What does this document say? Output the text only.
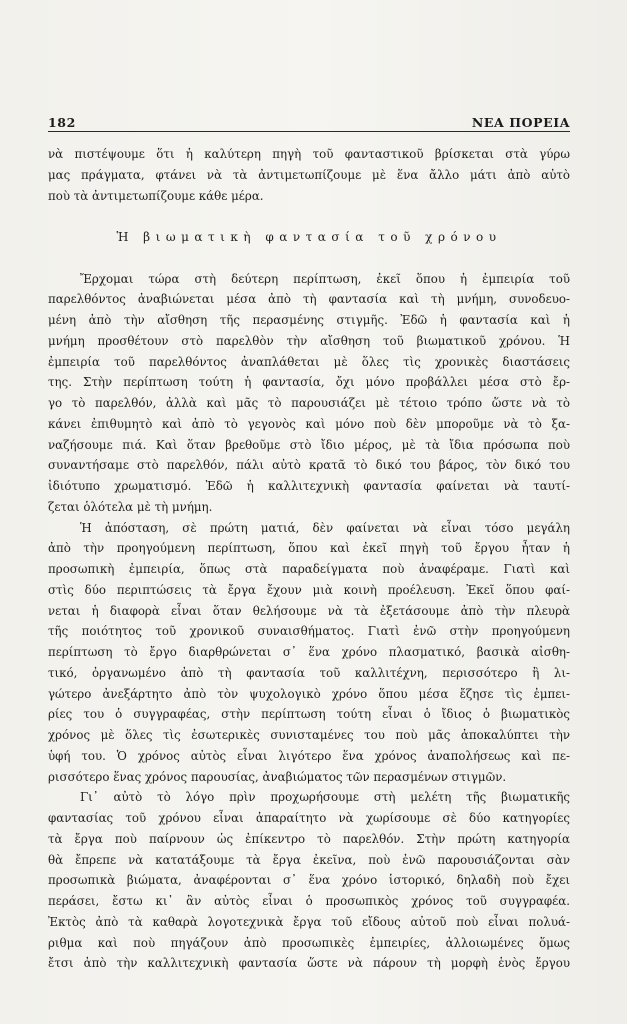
182	ΝΕΑ ΠΟΡΕΙΑ
νὰ πιστέψουμε ὅτι ἡ καλύτερη πηγὴ τοῦ φανταστικοῦ βρίσκεται στὰ γύρω
μας πράγματα, φτάνει νὰ τὰ ἀντιμετωπίζουμε μὲ ἕνα ἄλλο μάτι ἀπὸ αὐτὸ
ποὺ τὰ ἀντιμετωπίζουμε κάθε μέρα.
Ἡ βιωματικὴ φαντασία τοῦ χρόνου
Ἔρχομαι τώρα στὴ δεύτερη περίπτωση, ἐκεῖ ὅπου ἡ ἐμπειρία τοῦ
παρελθόντος ἀναβιώνεται μέσα ἀπὸ τὴ φαντασία καὶ τὴ μνήμη, συνοδευο-
μένη ἀπὸ τὴν αἴσθηση τῆς περασμένης στιγμῆς. Ἐδῶ ἡ φαντασία καὶ ἡ
μνήμη προσθέτουν στὸ παρελθὸν τὴν αἴσθηση τοῦ βιωματικοῦ χρόνου. Ἡ
ἐμπειρία τοῦ παρελθόντος ἀναπλάθεται μὲ ὅλες τὶς χρονικὲς διαστάσεις
της. Στὴν περίπτωση τούτη ἡ φαντασία, ὄχι μόνο προβάλλει μέσα στὸ ἔρ-
γο τὸ παρελθόν, ἀλλὰ καὶ μᾶς τὸ παρουσιάζει μὲ τέτοιο τρόπο ὥστε νὰ τὸ
κάνει ἐπιθυμητὸ καὶ ἀπὸ τὸ γεγονὸς καὶ μόνο ποὺ δὲν μποροῦμε νὰ τὸ ξα-
ναζήσουμε πιά. Καὶ ὅταν βρεθοῦμε στὸ ἴδιο μέρος, μὲ τὰ ἴδια πρόσωπα ποὺ
συναντήσαμε στὸ παρελθόν, πάλι αὐτὸ κρατᾶ τὸ δικό του βάρος, τὸν δικό του
ἰδιότυπο χρωματισμό. Ἐδῶ ἡ καλλιτεχνικὴ φαντασία φαίνεται νὰ ταυτί-
ζεται ὁλότελα μὲ τὴ μνήμη.
Ἡ ἀπόσταση, σὲ πρώτη ματιά, δὲν φαίνεται νὰ εἶναι τόσο μεγάλη
ἀπὸ τὴν προηγούμενη περίπτωση, ὅπου καὶ ἐκεῖ πηγὴ τοῦ ἔργου ἦταν ἡ
προσωπικὴ ἐμπειρία, ὅπως στὰ παραδείγματα ποὺ ἀναφέραμε. Γιατὶ καὶ
στὶς δύο περιπτώσεις τὰ ἔργα ἔχουν μιὰ κοινὴ προέλευση. Ἐκεῖ ὅπου φαί-
νεται ἡ διαφορὰ εἶναι ὅταν θελήσουμε νὰ τὰ ἐξετάσουμε ἀπὸ τὴν πλευρὰ
τῆς ποιότητος τοῦ χρονικοῦ συναισθήματος. Γιατὶ ἐνῶ στὴν προηγούμενη
περίπτωση τὸ ἔργο διαρθρώνεται σ᾽ ἕνα χρόνο πλασματικό, βασικὰ αἰσθη-
τικό, ὀργανωμένο ἀπὸ τὴ φαντασία τοῦ καλλιτέχνη, περισσότερο ἢ λι-
γώτερο ἀνεξάρτητο ἀπὸ τὸν ψυχολογικὸ χρόνο ὅπου μέσα ἔζησε τὶς ἐμπει-
ρίες του ὁ συγγραφέας, στὴν περίπτωση τούτη εἶναι ὁ ἴδιος ὁ βιωματικὸς
χρόνος μὲ ὅλες τὶς ἐσωτερικὲς συνισταμένες του ποὺ μᾶς ἀποκαλύπτει τὴν
ὑφή του. Ὁ χρόνος αὐτὸς εἶναι λιγότερο ἕνα χρόνος ἀναπολήσεως καὶ πε-
ρισσότερο ἕνας χρόνος παρουσίας, ἀναβιώματος τῶν περασμένων στιγμῶν.
Γι᾽ αὐτὸ τὸ λόγο πρὶν προχωρήσουμε στὴ μελέτη τῆς βιωματικῆς
φαντασίας τοῦ χρόνου εἶναι ἀπαραίτητο νὰ χωρίσουμε σὲ δύο κατηγορίες
τὰ ἔργα ποὺ παίρνουν ὡς ἐπίκεντρο τὸ παρελθόν. Στὴν πρώτη κατηγορία
θὰ ἔπρεπε νὰ κατατάξουμε τὰ ἔργα ἐκεῖνα, ποὺ ἐνῶ παρουσιάζονται σὰν
προσωπικὰ βιώματα, ἀναφέρονται σ᾽ ἕνα χρόνο ἱστορικό, δηλαδὴ ποὺ ἔχει
περάσει, ἔστω κι᾽ ἂν αὐτὸς εἶναι ὁ προσωπικὸς χρόνος τοῦ συγγραφέα.
Ἐκτὸς ἀπὸ τὰ καθαρὰ λογοτεχνικὰ ἔργα τοῦ εἴδους αὐτοῦ ποὺ εἶναι πολυά-
ριθμα καὶ ποὺ πηγάζουν ἀπὸ προσωπικὲς ἐμπειρίες, ἀλλοιωμένες ὅμως
ἔτσι ἀπὸ τὴν καλλιτεχνικὴ φαντασία ὥστε νὰ πάρουν τὴ μορφὴ ἑνὸς ἔργου
